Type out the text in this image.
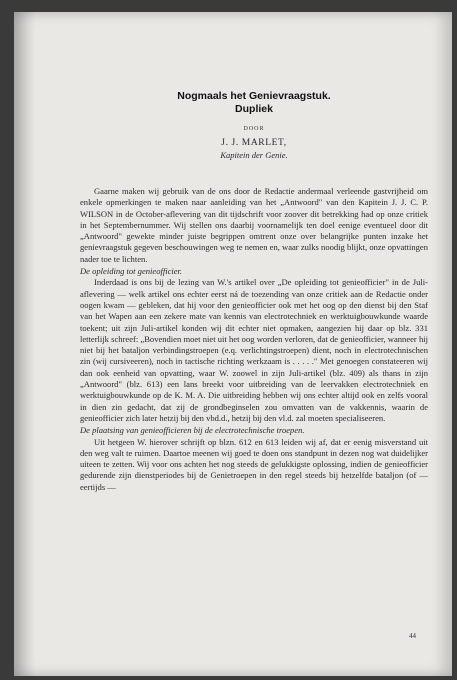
Nogmaals het Genievraagstuk.
Dupliek
DOOR
J. J. MARLET,
Kapitein der Genie.

Gaarne maken wij gebruik van de ons door de Redactie andermaal verleende gastvrijheid om enkele opmerkingen te maken naar aanleiding van het „Antwoord" van den Kapitein J. J. C. P. WILSON in de October-aflevering van dit tijdschrift voor zoover dit betrekking had op onze critiek in het Septembernummer. Wij stellen ons daarbij voornamelijk ten doel eenige eventueel door dit „Antwoord" gewekte minder juiste begrippen omtrent onze over belangrijke punten inzake het genievraagstuk gegeven beschouwingen weg te nemen en, waar zulks noodig blijkt, onze opvattingen nader toe te lichten.

De opleiding tot genieofficier.

Inderdaad is ons bij de lezing van W.'s artikel over „De opleiding tot genieofficier" in de Juli-aflevering — welk artikel ons echter eerst ná de toezending van onze critiek aan de Redactie onder oogen kwam — gebleken, dat hij voor den genieofficier ook met het oog op den dienst bij den Staf van het Wapen aan een zekere mate van kennis van electrotechniek en werktuigbouwkunde waarde toekent; uit zijn Juli-artikel konden wij dit echter niet opmaken, aangezien hij daar op blz. 331 letterlijk schreef: „Bovendien moet niet uit het oog worden verloren, dat de genieofficier, wanneer hij niet bij het bataljon verbindingstroepen (e.q. verlichtingstroepen) dient, noch in electrotechnischen zin (wij cursiveeren), noch in tactische richting werkzaam is . . . . ." Met genoegen constateeren wij dan ook eenheid van opvatting, waar W. zoowel in zijn Juli-artikel (blz. 409) als thans in zijn „Antwoord" (blz. 613) een lans breekt voor uitbreiding van de leervakken electrotechniek en werktuigbouwkunde op de K. M. A. Die uitbreiding hebben wij ons echter altijd ook en zelfs vooral in dien zin gedacht, dat zij de grondbeginselen zou omvatten van de vakkennis, waarin de genieofficier zich later hetzij bij den vbd.d., hetzij bij den vl.d. zal moeten specialiseeren.

De plaatsing van genieofficieren bij de electrotechnische troepen.

Uit hetgeen W. hierover schrijft op blzn. 612 en 613 leiden wij af, dat er eenig misverstand uit den weg valt te ruimen. Daartoe meenen wij goed te doen ons standpunt in dezen nog wat duidelijker uiteen te zetten. Wij voor ons achten het nog steeds de gelukkigste oplossing, indien de genieofficier gedurende zijn dienstperiodes bij de Genietroepen in den regel steeds bij hetzelfde bataljon (of — eertijds —

44
